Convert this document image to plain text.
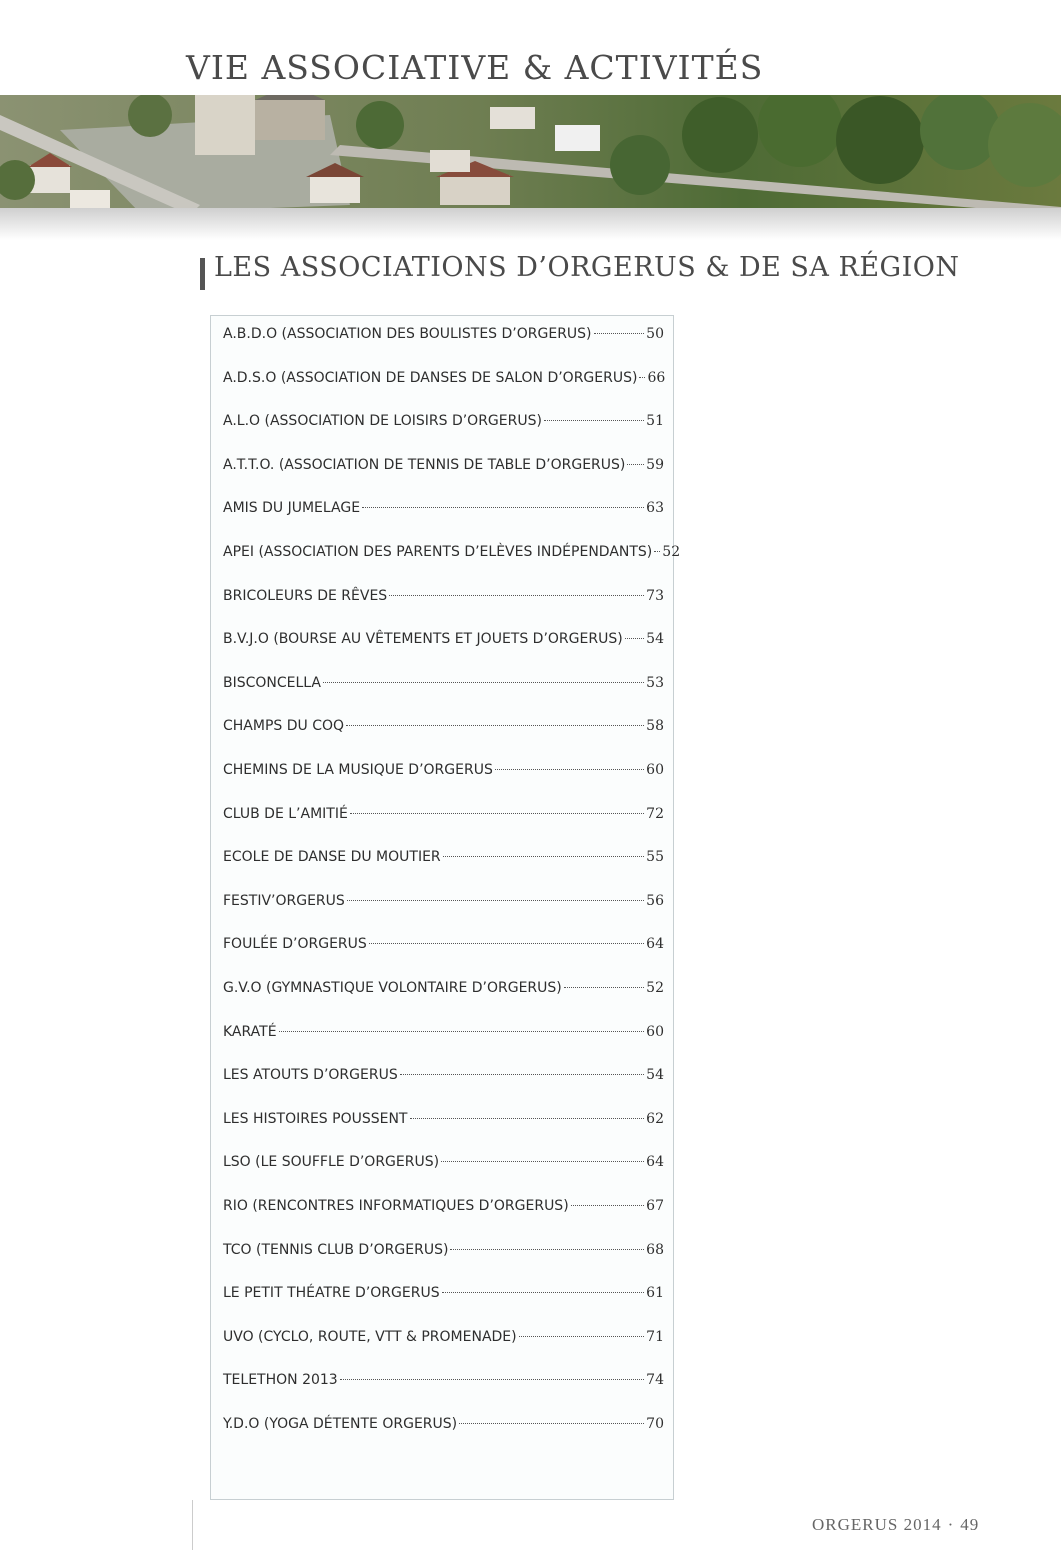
VIE ASSOCIATIVE & ACTIVITÉS
LES ASSOCIATIONS D’ORGERUS & DE SA RÉGION
A.B.D.O (ASSOCIATION DES BOULISTES D’ORGERUS)	50
A.D.S.O (ASSOCIATION DE DANSES DE SALON D’ORGERUS) 66
A.L.O (ASSOCIATION DE LOISIRS D’ORGERUS)	51
A.T.T.O. (ASSOCIATION DE TENNIS DE TABLE D’ORGERUS) 59
AMIS DU JUMELAGE	63
APEI (ASSOCIATION DES PARENTS D’ELÈVES INDÉPENDANTS) 52
BRICOLEURS DE RÊVES	73
B.V.J.O (BOURSE AU VÊTEMENTS ET JOUETS D’ORGERUS) 54
BISCONCELLA	53
CHAMPS DU COQ	58
CHEMINS DE LA MUSIQUE D’ORGERUS	60
CLUB DE L’AMITIÉ	72
ECOLE DE DANSE DU MOUTIER	55
FESTIV’ORGERUS	56
FOULÉE D’ORGERUS	64
G.V.O (GYMNASTIQUE VOLONTAIRE D’ORGERUS)	52
KARATÉ	60
LES ATOUTS D’ORGERUS	54
LES HISTOIRES POUSSENT	62
LSO (LE SOUFFLE D’ORGERUS)	64
RIO (RENCONTRES INFORMATIQUES D’ORGERUS)	67
TCO (TENNIS CLUB D’ORGERUS)	68
LE PETIT THÉATRE D’ORGERUS	61
UVO (CYCLO, ROUTE, VTT & PROMENADE)	71
TELETHON 2013	74
Y.D.O (YOGA DÉTENTE ORGERUS)	70
ORGERUS 2014 · 49
